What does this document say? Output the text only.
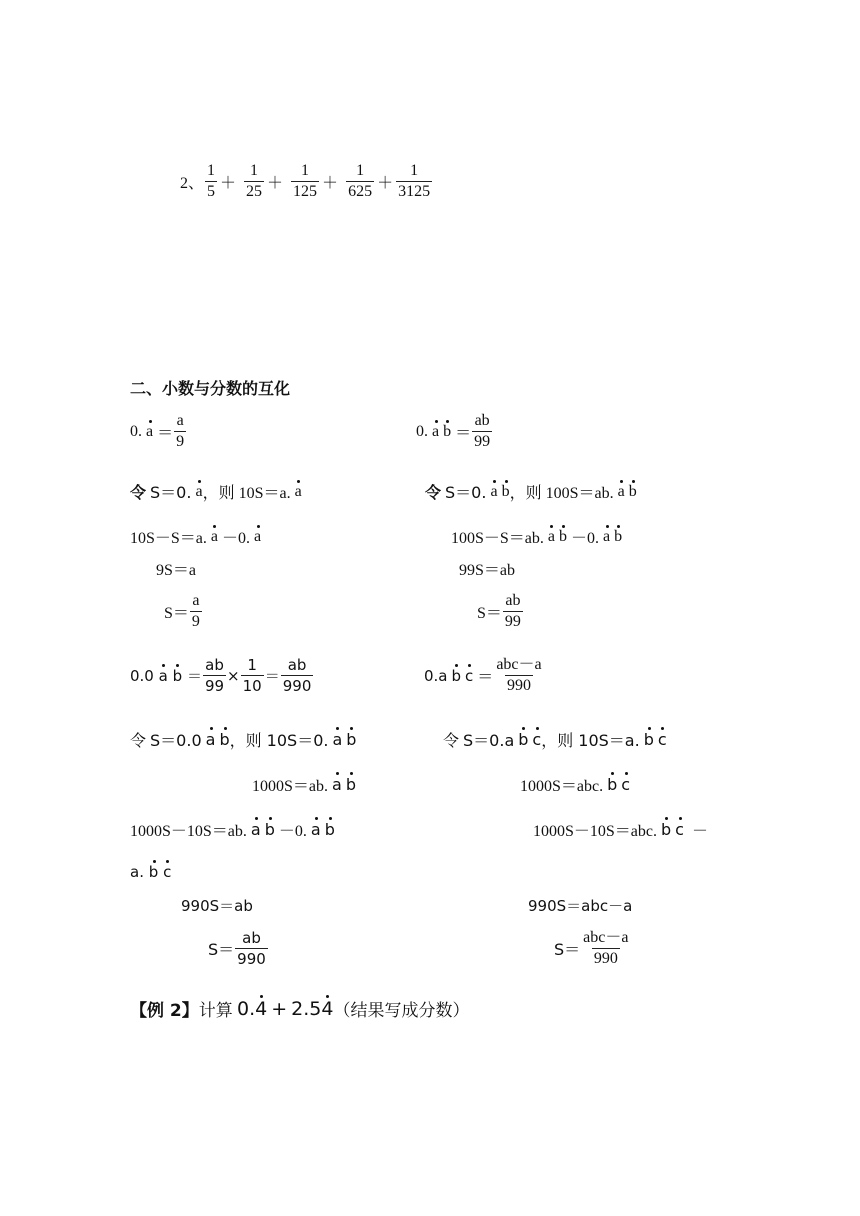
2、 $\frac{1}{5} + \frac{1}{25} + \frac{1}{125} + \frac{1}{625} + \frac{1}{3125}$
二、小数与分数的互化
0.
a
＝ $\frac{a}{9}$	0.
a
b
＝ $\frac{ab}{99}$
令
S＝0.
a ，则 10S＝a.
a	令
S＝0.
a
b ，则 100S＝ab.
a
b
10S－S＝a.
a
－0.
a	100S－S＝ab.
a
b
－0.
a
b
9S＝a	99S＝ab
$S= \frac{a}{9}$	$S= \frac{ab}{99}$
0.0
a
b
＝ $\frac{ab}{99} \times \frac{1}{10} = \frac{ab}{990}$	0.a
b
c
＝ $\frac{\text{abc－a}}{990}$
令
S＝0.0
a
b ，则 10S＝0.
a
b	令
S＝0.a
b
c ，则 10S＝a.
b
c
1000S＝ab.
a
b	1000S＝abc.
b
c
1000S－10S＝ab.
a
b
－0.
a
b	1000S－10S＝abc.
b
c
－
a.
b
c
990S＝ab	990S＝abc－a
$S= \frac{ab}{990}$	$S= \frac{\text{abc－a}}{990}$
【例 2】 计算
0.4 + 2.54 （结果写成分数）
